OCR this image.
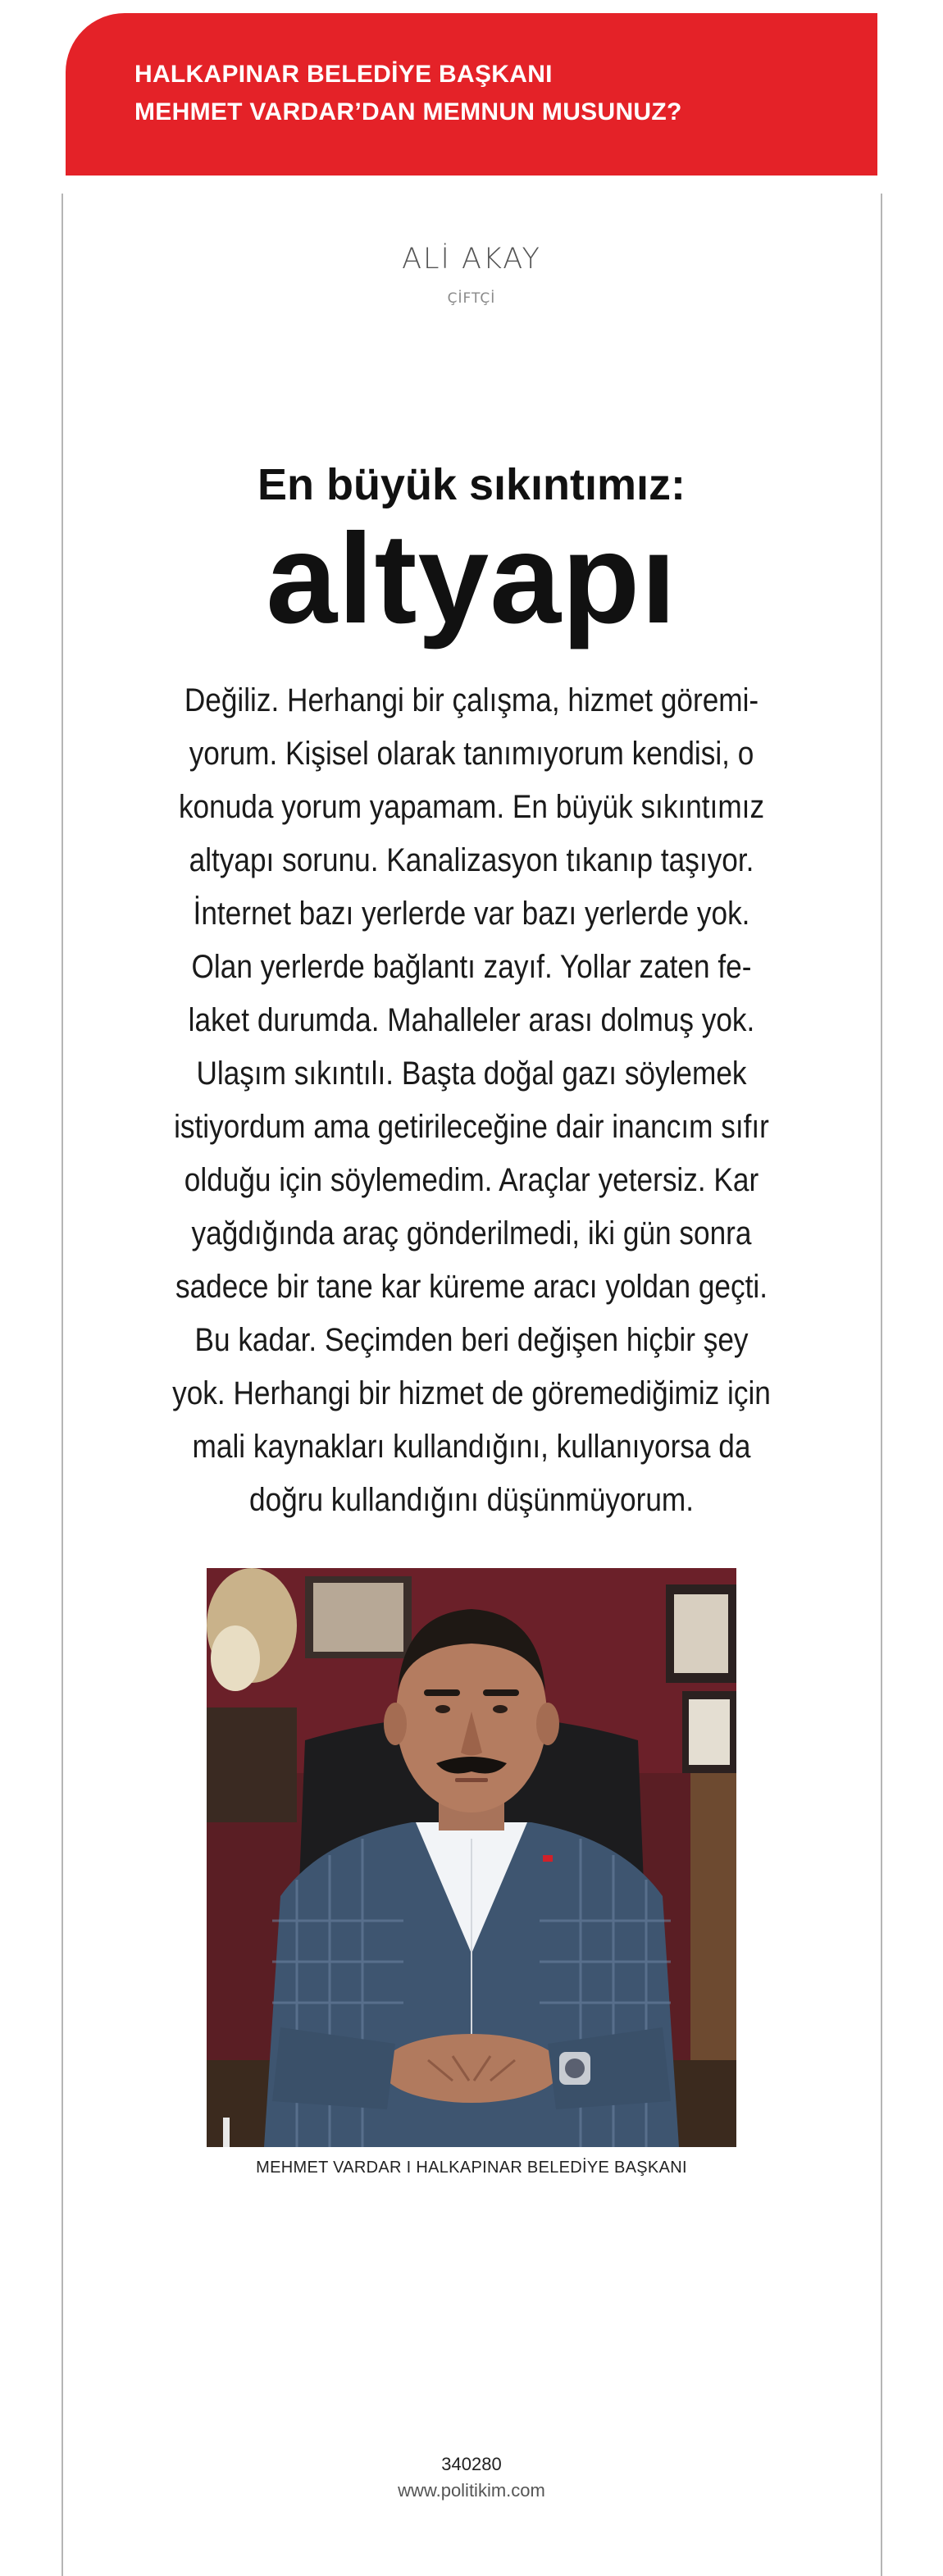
HALKAPINAR BELEDİYE BAŞKANI
MEHMET VARDAR’DAN MEMNUN MUSUNUZ?
ALİ AKAY
ÇİFTÇİ
En büyük sıkıntımız:
altyapı
Değiliz. Herhangi bir çalışma, hizmet göremi-
yorum. Kişisel olarak tanımıyorum kendisi, o
konuda yorum yapamam. En büyük sıkıntımız
altyapı sorunu. Kanalizasyon tıkanıp taşıyor.
İnternet bazı yerlerde var bazı yerlerde yok.
Olan yerlerde bağlantı zayıf. Yollar zaten fe-
laket durumda. Mahalleler arası dolmuş yok.
Ulaşım sıkıntılı. Başta doğal gazı söylemek
istiyordum ama getirileceğine dair inancım sıfır
olduğu için söylemedim. Araçlar yetersiz. Kar
yağdığında araç gönderilmedi, iki gün sonra
sadece bir tane kar küreme aracı yoldan geçti.
Bu kadar. Seçimden beri değişen hiçbir şey
yok. Herhangi bir hizmet de göremediğimiz için
mali kaynakları kullandığını, kullanıyorsa da
doğru kullandığını düşünmüyorum.
MEHMET VARDAR I HALKAPINAR BELEDİYE BAŞKANI
340280
www.politikim.com
